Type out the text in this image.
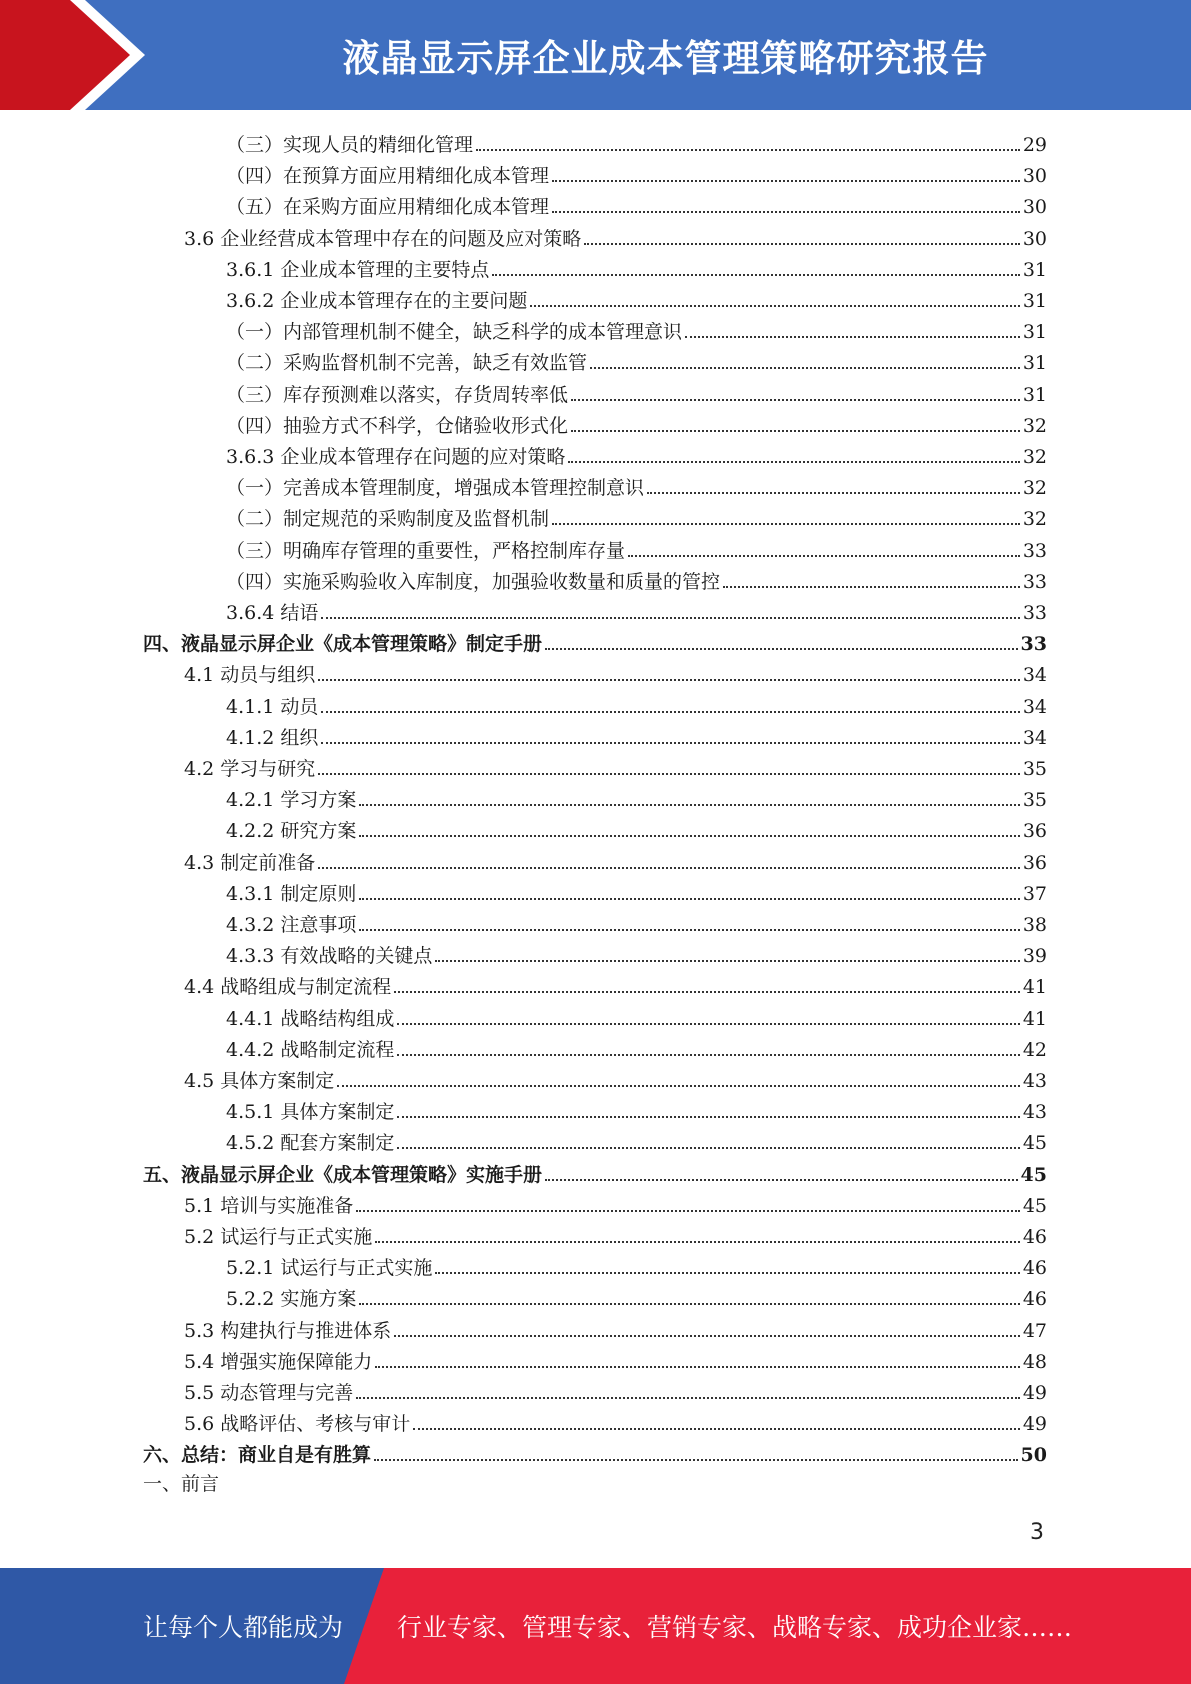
液晶显示屏企业成本管理策略研究报告
（三）实现人员的精细化管理	29
（四）在预算方面应用精细化成本管理	30
（五）在采购方面应用精细化成本管理	30
3.6 企业经营成本管理中存在的问题及应对策略	30
3.6.1 企业成本管理的主要特点	31
3.6.2 企业成本管理存在的主要问题	31
（一）内部管理机制不健全，缺乏科学的成本管理意识	31
（二）采购监督机制不完善，缺乏有效监管	31
（三）库存预测难以落实，存货周转率低	31
（四）抽验方式不科学，仓储验收形式化	32
3.6.3 企业成本管理存在问题的应对策略	32
（一）完善成本管理制度，增强成本管理控制意识	32
（二）制定规范的采购制度及监督机制	32
（三）明确库存管理的重要性，严格控制库存量	33
（四）实施采购验收入库制度，加强验收数量和质量的管控	33
3.6.4 结语	33
四、液晶显示屏企业《成本管理策略》制定手册	33
4.1 动员与组织	34
4.1.1 动员	34
4.1.2 组织	34
4.2 学习与研究	35
4.2.1 学习方案	35
4.2.2 研究方案	36
4.3 制定前准备	36
4.3.1 制定原则	37
4.3.2 注意事项	38
4.3.3 有效战略的关键点	39
4.4 战略组成与制定流程	41
4.4.1 战略结构组成	41
4.4.2 战略制定流程	42
4.5 具体方案制定	43
4.5.1 具体方案制定	43
4.5.2 配套方案制定	45
五、液晶显示屏企业《成本管理策略》实施手册	45
5.1 培训与实施准备	45
5.2 试运行与正式实施	46
5.2.1 试运行与正式实施	46
5.2.2 实施方案	46
5.3 构建执行与推进体系	47
5.4 增强实施保障能力	48
5.5 动态管理与完善	49
5.6 战略评估、考核与审计	49
六、总结：商业自是有胜算	50
一、前言
3
让每个人都能成为 行业专家、管理专家、营销专家、战略专家、成功企业家……
